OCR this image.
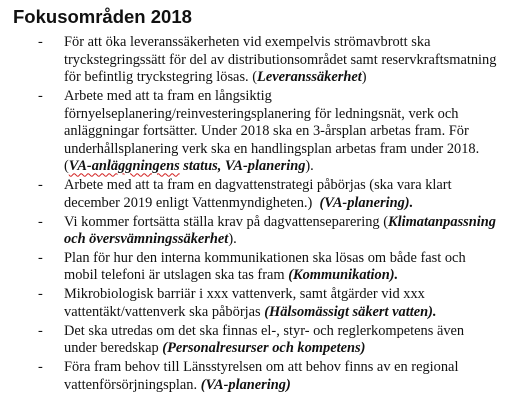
Fokusområden 2018
- För att öka leveranssäkerheten vid exempelvis strömavbrott ska
tryckstegringssätt för del av distributionsområdet samt reservkraftsmatning
för befintlig tryckstegring lösas. (Leveranssäkerhet)
- Arbete med att ta fram en långsiktig
förnyelseplanering/reinvesteringsplanering för ledningsnät, verk och
anläggningar fortsätter. Under 2018 ska en 3-årsplan arbetas fram. För
underhållsplanering verk ska en handlingsplan arbetas fram under 2018.
(VA-anläggningens status, VA-planering).
- Arbete med att ta fram en dagvattenstrategi påbörjas (ska vara klart
december 2019 enligt Vattenmyndigheten.)  (VA-planering).
- Vi kommer fortsätta ställa krav på dagvattenseparering (Klimatanpassning
och översvämningssäkerhet).
- Plan för hur den interna kommunikationen ska lösas om både fast och
mobil telefoni är utslagen ska tas fram (Kommunikation).
- Mikrobiologisk barriär i xxx vattenverk, samt åtgärder vid xxx
vattentäkt/vattenverk ska påbörjas (Hälsomässigt säkert vatten).
- Det ska utredas om det ska finnas el-, styr- och reglerkompetens även
under beredskap (Personalresurser och kompetens)
- Föra fram behov till Länsstyrelsen om att behov finns av en regional
vattenförsörjningsplan. (VA-planering)
